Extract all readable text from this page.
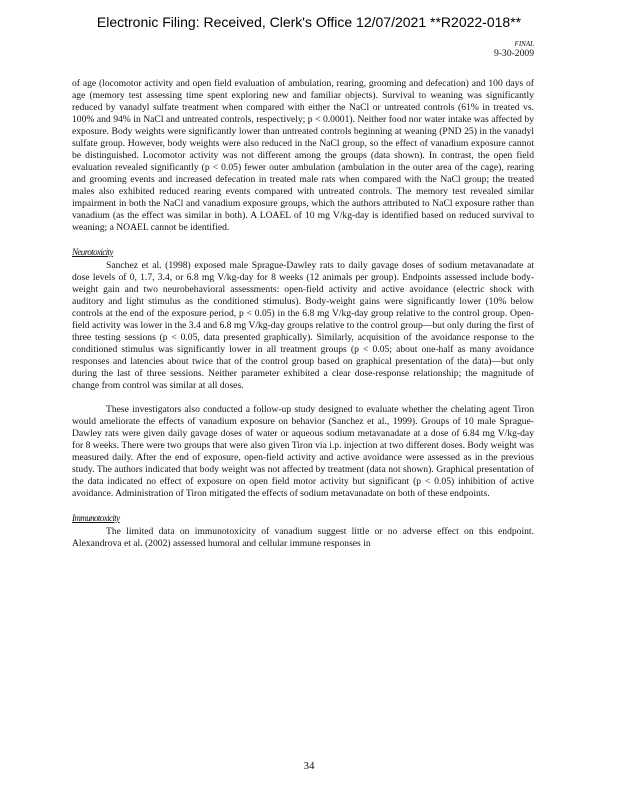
Electronic Filing: Received, Clerk's Office 12/07/2021 **R2022-018**
FINAL
9-30-2009

of age (locomotor activity and open field evaluation of ambulation, rearing, grooming and defecation) and 100 days of age (memory test assessing time spent exploring new and familiar objects). Survival to weaning was significantly reduced by vanadyl sulfate treatment when compared with either the NaCl or untreated controls (61% in treated vs. 100% and 94% in NaCl and untreated controls, respectively; p < 0.0001). Neither food nor water intake was affected by exposure. Body weights were significantly lower than untreated controls beginning at weaning (PND 25) in the vanadyl sulfate group. However, body weights were also reduced in the NaCl group, so the effect of vanadium exposure cannot be distinguished. Locomotor activity was not different among the groups (data shown). In contrast, the open field evaluation revealed significantly (p < 0.05) fewer outer ambulation (ambulation in the outer area of the cage), rearing and grooming events and increased defecation in treated male rats when compared with the NaCl group; the treated males also exhibited reduced rearing events compared with untreated controls. The memory test revealed similar impairment in both the NaCl and vanadium exposure groups, which the authors attributed to NaCl exposure rather than vanadium (as the effect was similar in both). A LOAEL of 10 mg V/kg-day is identified based on reduced survival to weaning; a NOAEL cannot be identified.

Neurotoxicity

Sanchez et al. (1998) exposed male Sprague-Dawley rats to daily gavage doses of sodium metavanadate at dose levels of 0, 1.7, 3.4, or 6.8 mg V/kg-day for 8 weeks (12 animals per group). Endpoints assessed include body-weight gain and two neurobehavioral assessments: open-field activity and active avoidance (electric shock with auditory and light stimulus as the conditioned stimulus). Body-weight gains were significantly lower (10% below controls at the end of the exposure period, p < 0.05) in the 6.8 mg V/kg-day group relative to the control group. Open-field activity was lower in the 3.4 and 6.8 mg V/kg-day groups relative to the control group—but only during the first of three testing sessions (p < 0.05, data presented graphically). Similarly, acquisition of the avoidance response to the conditioned stimulus was significantly lower in all treatment groups (p < 0.05; about one-half as many avoidance responses and latencies about twice that of the control group based on graphical presentation of the data)—but only during the last of three sessions. Neither parameter exhibited a clear dose-response relationship; the magnitude of change from control was similar at all doses.

These investigators also conducted a follow-up study designed to evaluate whether the chelating agent Tiron would ameliorate the effects of vanadium exposure on behavior (Sanchez et al., 1999). Groups of 10 male Sprague-Dawley rats were given daily gavage doses of water or aqueous sodium metavanadate at a dose of 6.84 mg V/kg-day for 8 weeks. There were two groups that were also given Tiron via i.p. injection at two different doses. Body weight was measured daily. After the end of exposure, open-field activity and active avoidance were assessed as in the previous study. The authors indicated that body weight was not affected by treatment (data not shown). Graphical presentation of the data indicated no effect of exposure on open field motor activity but significant (p < 0.05) inhibition of active avoidance. Administration of Tiron mitigated the effects of sodium metavanadate on both of these endpoints.

Immunotoxicity

The limited data on immunotoxicity of vanadium suggest little or no adverse effect on this endpoint. Alexandrova et al. (2002) assessed humoral and cellular immune responses in

34
